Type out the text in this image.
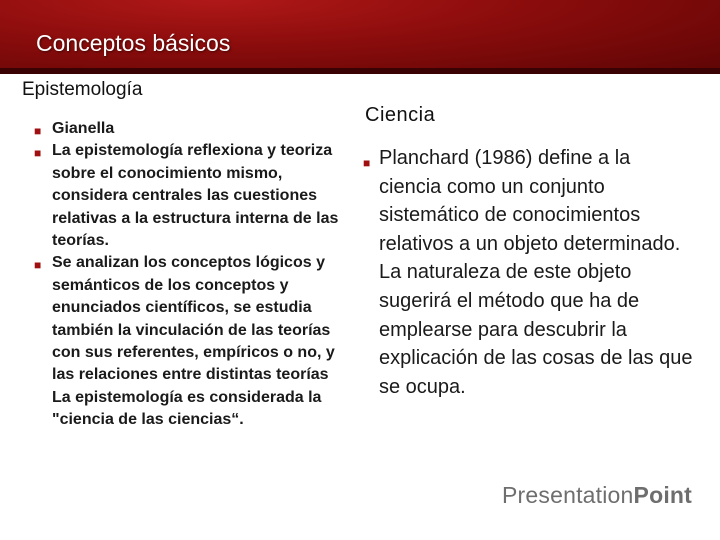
Conceptos básicos
Epistemología
■ Gianella
■ La epistemología reflexiona y teoriza sobre el conocimiento mismo, considera centrales las cuestiones relativas a la estructura interna de las teorías.
■ Se analizan los conceptos lógicos y semánticos de los conceptos y enunciados científicos, se estudia también la vinculación de las teorías con sus referentes, empíricos o no, y las relaciones entre distintas teorías
La epistemología es considerada la "ciencia de las ciencias“.
Ciencia
■ Planchard (1986) define a la ciencia como un conjunto sistemático de conocimientos relativos a un objeto determinado. La naturaleza de este objeto sugerirá el método que ha de emplearse para descubrir la explicación de las cosas de las que se ocupa.
PresentationPoint
